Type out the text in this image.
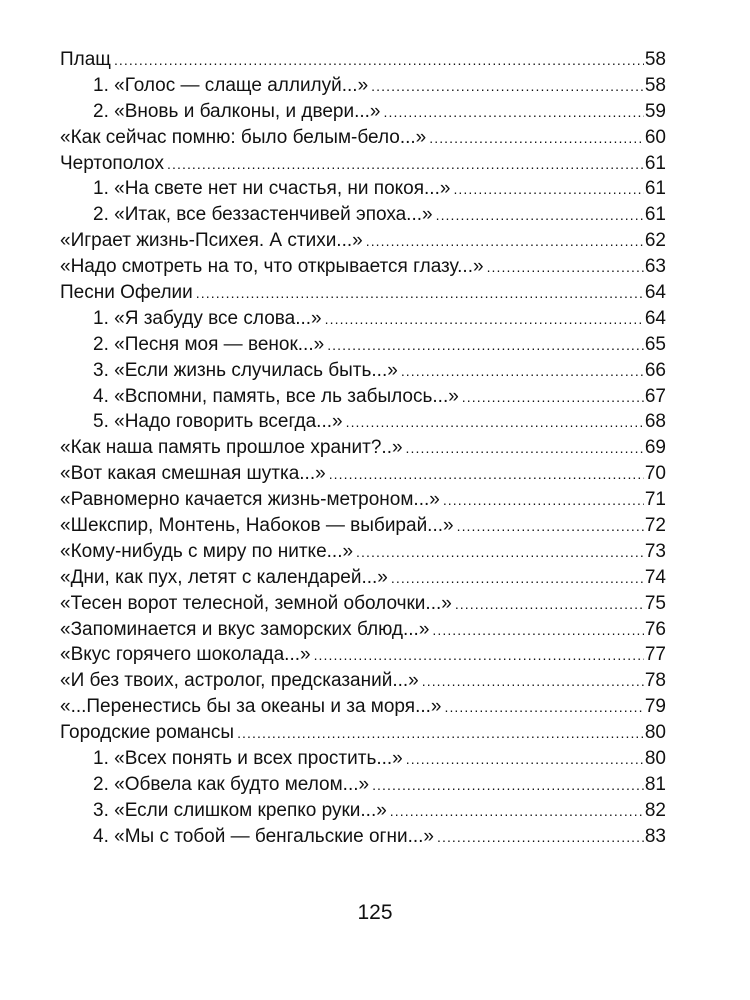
Плащ . . .	58
1. «Голос — слаще аллилуй...» . . .	58
2. «Вновь и балконы, и двери...» . . .	59
«Как сейчас помню: было белым-бело...» . . .	60
Чертополох . . .	61
1. «На свете нет ни счастья, ни покоя...» . . .	61
2. «Итак, все беззастенчивей эпоха...» . . .	61
«Играет жизнь-Психея. А стихи...» . . .	62
«Надо смотреть на то, что открывается глазу...» . . .	63
Песни Офелии . . .	64
1. «Я забуду все слова...» . . .	64
2. «Песня моя — венок...» . . .	65
3. «Если жизнь случилась быть...» . . .	66
4. «Вспомни, память, все ль забылось...» . . .	67
5. «Надо говорить всегда...» . . .	68
«Как наша память прошлое хранит?..» . . .	69
«Вот какая смешная шутка...» . . .	70
«Равномерно качается жизнь-метроном...» . . .	71
«Шекспир, Монтень, Набоков — выбирай...» . . .	72
«Кому-нибудь с миру по нитке...» . . .	73
«Дни, как пух, летят с календарей...» . . .	74
«Тесен ворот телесной, земной оболочки...» . . .	75
«Запоминается и вкус заморских блюд...» . . .	76
«Вкус горячего шоколада...» . . .	77
«И без твоих, астролог, предсказаний...» . . .	78
«...Перенестись бы за океаны и за моря...» . . .	79
Городские романсы . . .	80
1. «Всех понять и всех простить...» . . .	80
2. «Обвела как будто мелом...» . . .	81
3. «Если слишком крепко руки...» . . .	82
4. «Мы с тобой — бенгальские огни...» . . .	83
125
